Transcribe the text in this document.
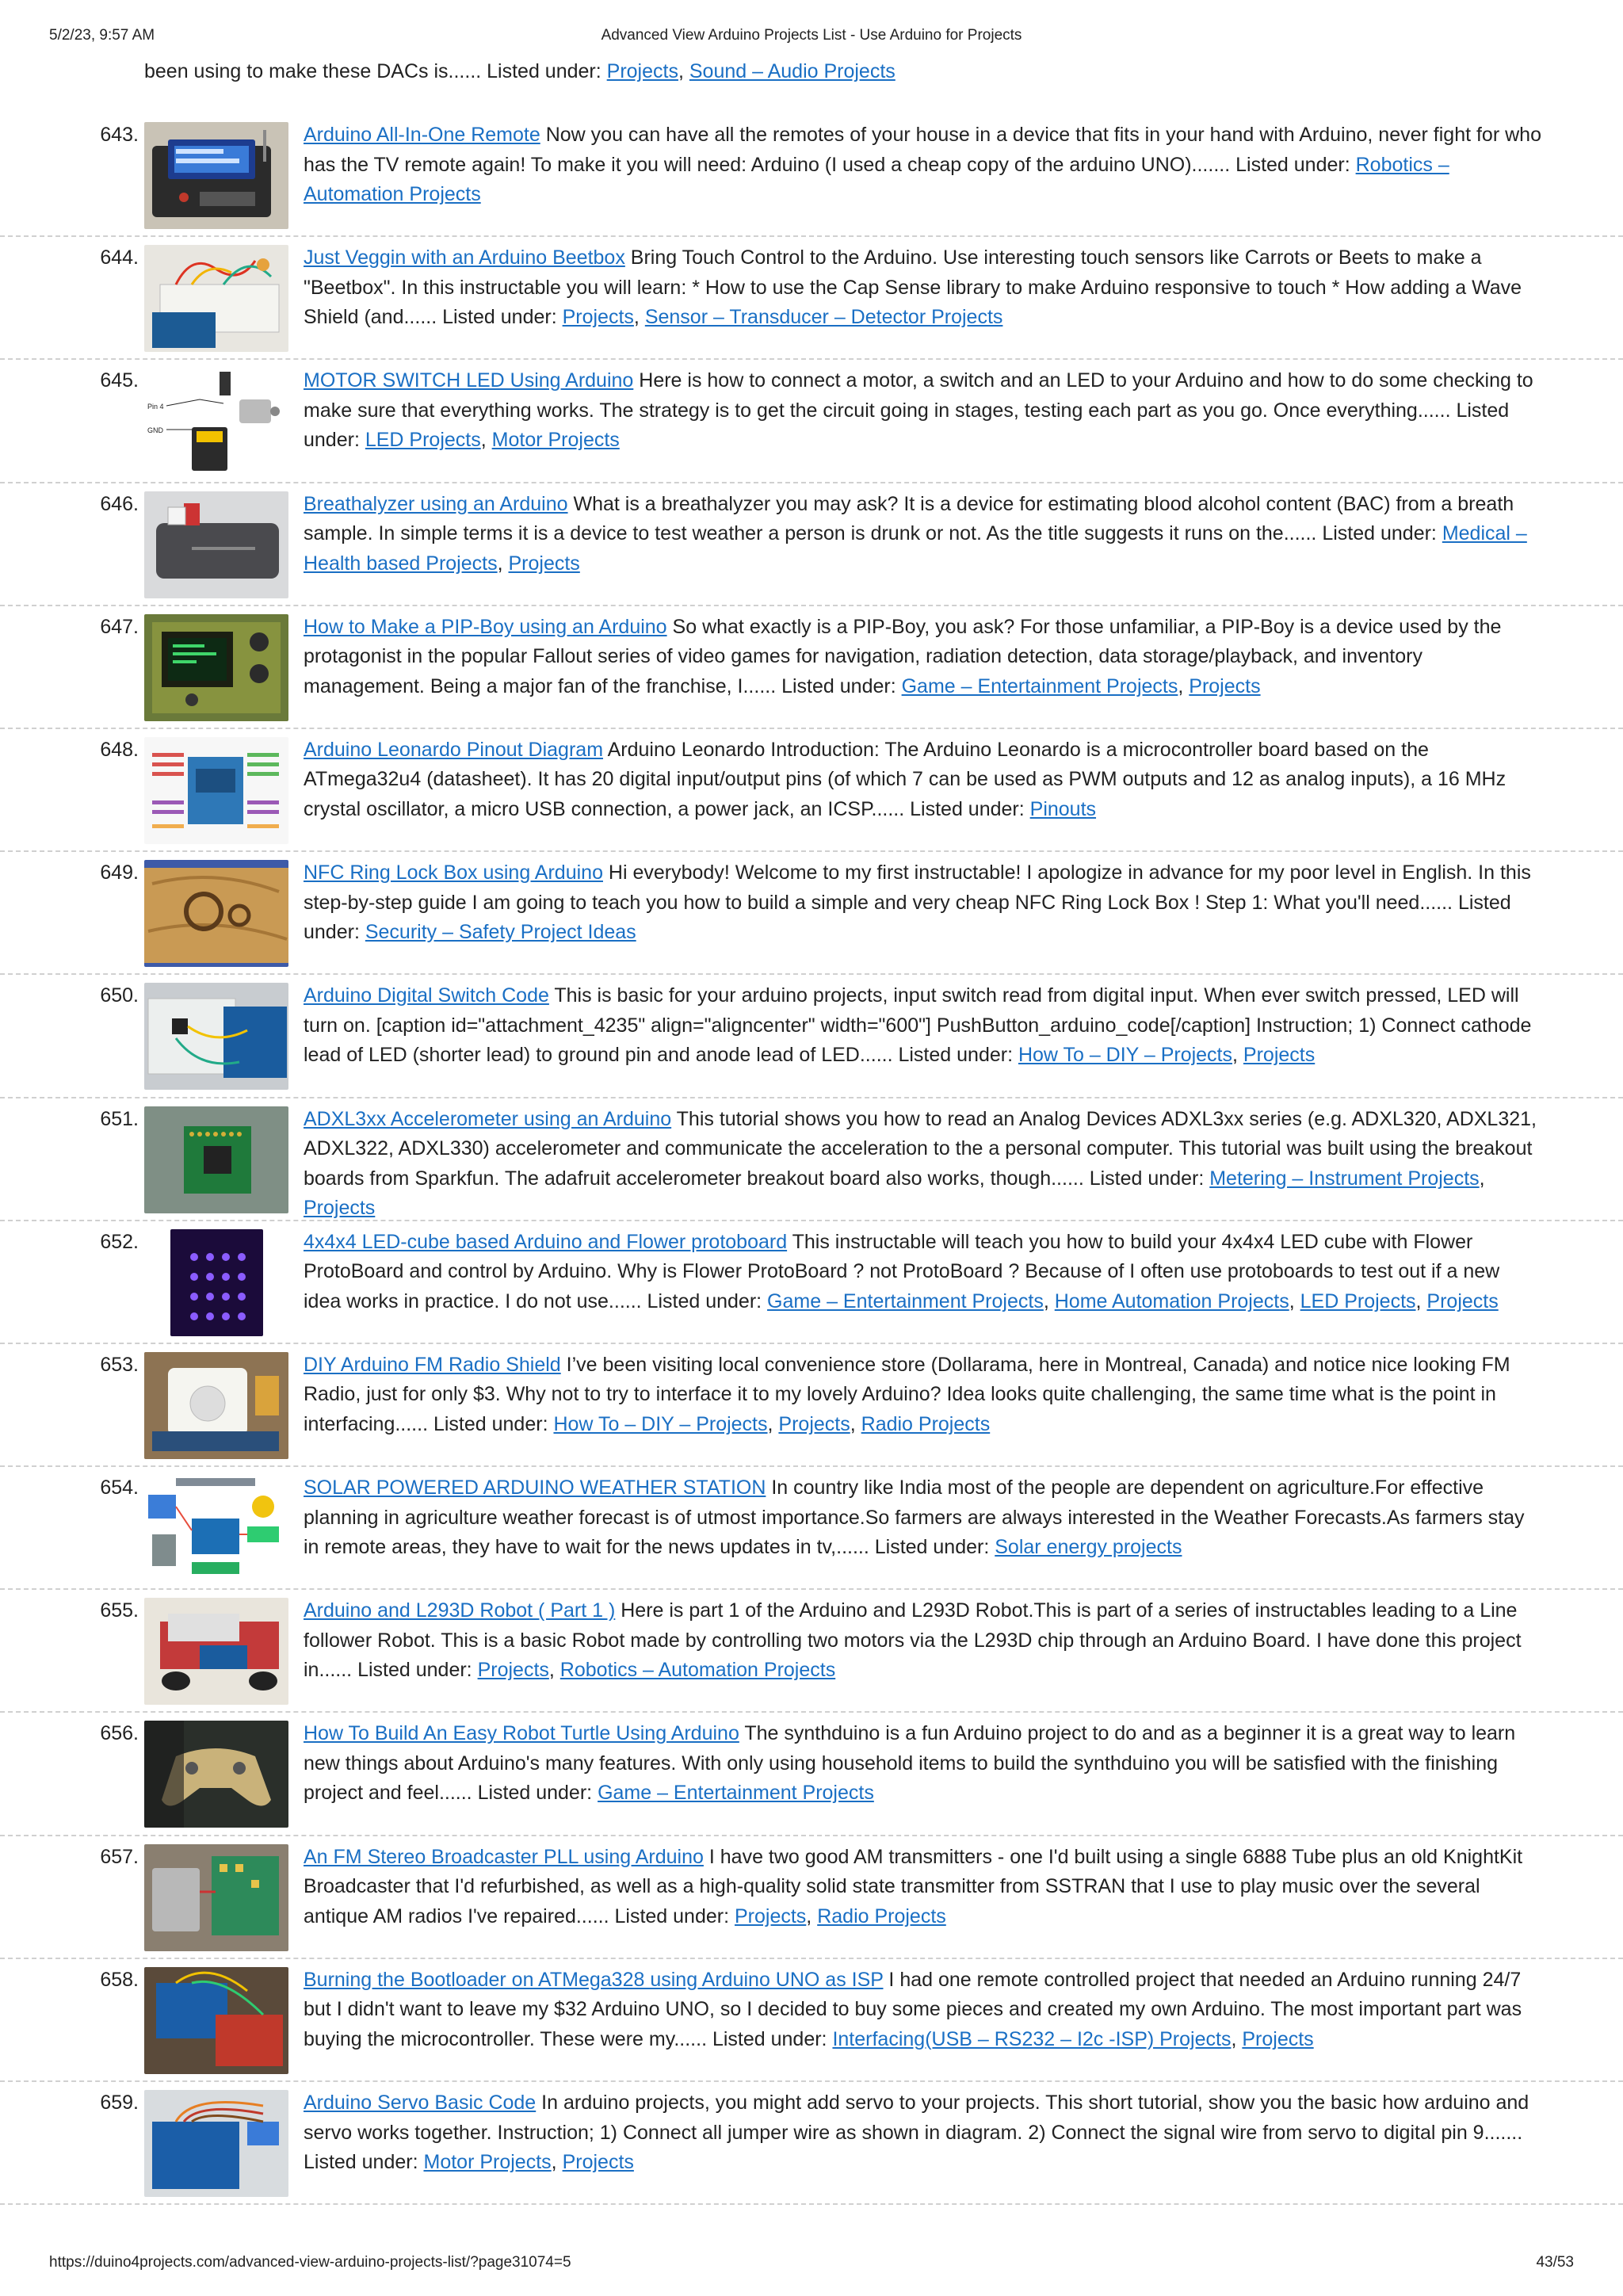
5/2/23, 9:57 AM	Advanced View Arduino Projects List - Use Arduino for Projects
been using to make these DACs is...... Listed under: Projects, Sound – Audio Projects
643.	Arduino All-In-One Remote Now you can have all the remotes of your house in a device that fits in your hand with Arduino, never fight for who has the TV remote again! To make it you will need: Arduino (I used a cheap copy of the arduino UNO)....... Listed under: Robotics – Automation Projects
644.	Just Veggin with an Arduino Beetbox Bring Touch Control to the Arduino. Use interesting touch sensors like Carrots or Beets to make a "Beetbox". In this instructable you will learn: * How to use the Cap Sense library to make Arduino responsive to touch * How adding a Wave Shield (and...... Listed under: Projects, Sensor – Transducer – Detector Projects
645.
Pin 4
GND
MOTOR SWITCH LED Using Arduino Here is how to connect a motor, a switch and an LED to your Arduino and how to do some checking to make sure that everything works. The strategy is to get the circuit going in stages, testing each part as you go. Once everything...... Listed under: LED Projects, Motor Projects
646.	Breathalyzer using an Arduino What is a breathalyzer you may ask? It is a device for estimating blood alcohol content (BAC) from a breath sample. In simple terms it is a device to test weather a person is drunk or not. As the title suggests it runs on the...... Listed under: Medical – Health based Projects, Projects
647.	How to Make a PIP-Boy using an Arduino So what exactly is a PIP-Boy, you ask? For those unfamiliar, a PIP-Boy is a device used by the protagonist in the popular Fallout series of video games for navigation, radiation detection, data storage/playback, and inventory management. Being a major fan of the franchise, I...... Listed under: Game – Entertainment Projects, Projects
648.	Arduino Leonardo Pinout Diagram Arduino Leonardo Introduction: The Arduino Leonardo is a microcontroller board based on the ATmega32u4 (datasheet). It has 20 digital input/output pins (of which 7 can be used as PWM outputs and 12 as analog inputs), a 16 MHz crystal oscillator, a micro USB connection, a power jack, an ICSP...... Listed under: Pinouts
649.	NFC Ring Lock Box using Arduino Hi everybody! Welcome to my first instructable! I apologize in advance for my poor level in English. In this step-by-step guide I am going to teach you how to build a simple and very cheap NFC Ring Lock Box ! Step 1: What you'll need...... Listed under: Security – Safety Project Ideas
650.	Arduino Digital Switch Code This is basic for your arduino projects, input switch read from digital input. When ever switch pressed, LED will turn on. [caption id="attachment_4235" align="aligncenter" width="600"] PushButton_arduino_code[/caption] Instruction; 1) Connect cathode lead of LED (shorter lead) to ground pin and anode lead of LED...... Listed under: How To – DIY – Projects, Projects
651.	ADXL3xx Accelerometer using an Arduino This tutorial shows you how to read an Analog Devices ADXL3xx series (e.g. ADXL320, ADXL321, ADXL322, ADXL330) accelerometer and communicate the acceleration to the a personal computer. This tutorial was built using the breakout boards from Sparkfun. The adafruit accelerometer breakout board also works, though...... Listed under: Metering – Instrument Projects, Projects
652.	4x4x4 LED-cube based Arduino and Flower protoboard This instructable will teach you how to build your 4x4x4 LED cube with Flower ProtoBoard and control by Arduino. Why is Flower ProtoBoard ? not ProtoBoard ? Because of I often use protoboards to test out if a new idea works in practice. I do not use...... Listed under: Game – Entertainment Projects, Home Automation Projects, LED Projects, Projects
653.	DIY Arduino FM Radio Shield I’ve been visiting local convenience store (Dollarama, here in Montreal, Canada) and notice nice looking FM Radio, just for only $3. Why not to try to interface it to my lovely Arduino? Idea looks quite challenging, the same time what is the point in interfacing...... Listed under: How To – DIY – Projects, Projects, Radio Projects
654.	SOLAR POWERED ARDUINO WEATHER STATION In country like India most of the people are dependent on agriculture.For effective planning in agriculture weather forecast is of utmost importance.So farmers are always interested in the Weather Forecasts.As farmers stay in remote areas, they have to wait for the news updates in tv,...... Listed under: Solar energy projects
655.	Arduino and L293D Robot ( Part 1 ) Here is part 1 of the Arduino and L293D Robot.This is part of a series of instructables leading to a Line follower Robot. This is a basic Robot made by controlling two motors via the L293D chip through an Arduino Board. I have done this project in...... Listed under: Projects, Robotics – Automation Projects
656.	How To Build An Easy Robot Turtle Using Arduino The synthduino is a fun Arduino project to do and as a beginner it is a great way to learn new things about Arduino's many features. With only using household items to build the synthduino you will be satisfied with the finishing project and feel...... Listed under: Game – Entertainment Projects
657.	An FM Stereo Broadcaster PLL using Arduino I have two good AM transmitters - one I'd built using a single 6888 Tube plus an old KnightKit Broadcaster that I'd refurbished, as well as a high-quality solid state transmitter from SSTRAN that I use to play music over the several antique AM radios I've repaired...... Listed under: Projects, Radio Projects
658.	Burning the Bootloader on ATMega328 using Arduino UNO as ISP I had one remote controlled project that needed an Arduino running 24/7 but I didn't want to leave my $32 Arduino UNO, so I decided to buy some pieces and created my own Arduino. The most important part was buying the microcontroller. These were my...... Listed under: Interfacing(USB – RS232 – I2c -ISP) Projects, Projects
659.	Arduino Servo Basic Code In arduino projects, you might add servo to your projects. This short tutorial, show you the basic how arduino and servo works together. Instruction; 1) Connect all jumper wire as shown in diagram. 2) Connect the signal wire from servo to digital pin 9....... Listed under: Motor Projects, Projects
https://duino4projects.com/advanced-view-arduino-projects-list/?page31074=5	43/53
